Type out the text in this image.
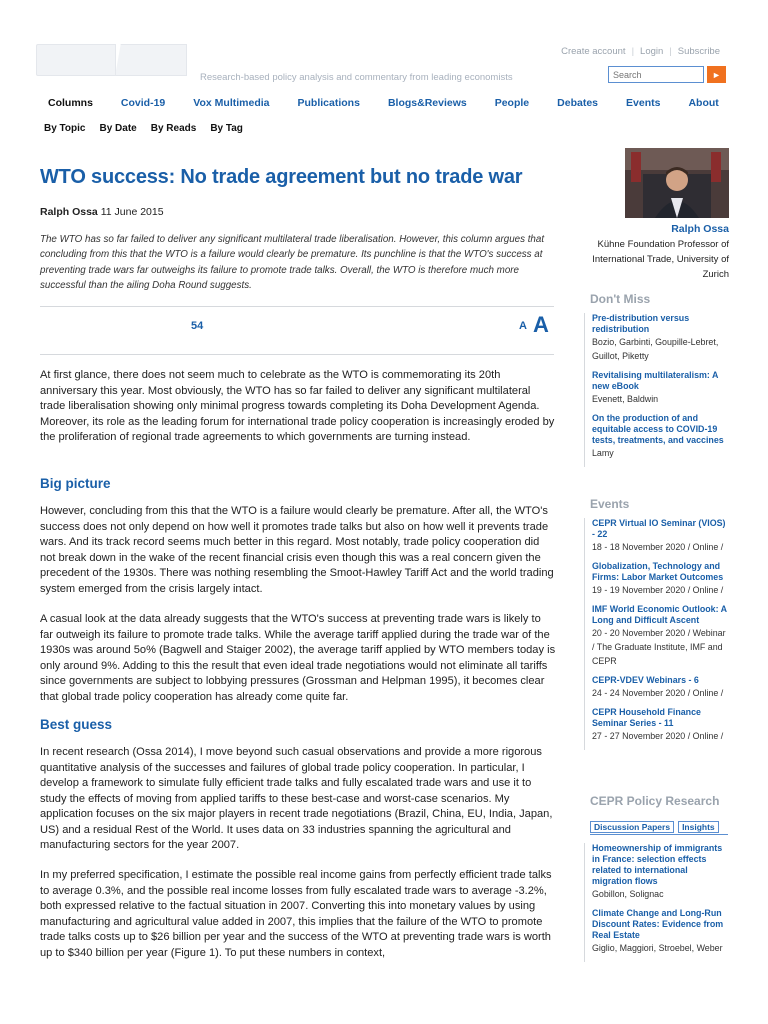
Research-based policy analysis and commentary from leading economists
Create account | Login | Subscribe
Search
►
Columns	Covid-19	Vox Multimedia	Publications	Blogs&Reviews	People	Debates	Events	About
By Topic By Date By Reads By Tag
WTO success: No trade agreement but no trade war
Ralph Ossa 11 June 2015

The WTO has so far failed to deliver any significant multilateral trade liberalisation. However, this column argues that concluding from this that the WTO is a failure would clearly be premature. Its punchline is that the WTO's success at preventing trade wars far outweighs its failure to promote trade talks. Overall, the WTO is therefore much more successful than the ailing Doha Round suggests.

54	A A

At first glance, there does not seem much to celebrate as the WTO is commemorating its 20th anniversary this year. Most obviously, the WTO has so far failed to deliver any significant multilateral trade liberalisation showing only minimal progress towards completing its Doha Development Agenda. Moreover, its role as the leading forum for international trade policy cooperation is increasingly eroded by the proliferation of regional trade agreements to which governments are turning instead.

Big picture

However, concluding from this that the WTO is a failure would clearly be premature. After all, the WTO's success does not only depend on how well it promotes trade talks but also on how well it prevents trade wars. And its track record seems much better in this regard. Most notably, trade policy cooperation did not break down in the wake of the recent financial crisis even though this was a real concern given the precedent of the 1930s. There was nothing resembling the Smoot-Hawley Tariff Act and the world trading system emerged from the crisis largely intact.

A casual look at the data already suggests that the WTO's success at preventing trade wars is likely to far outweigh its failure to promote trade talks. While the average tariff applied during the trade war of the 1930s was around 5o% (Bagwell and Staiger 2002), the average tariff applied by WTO members today is only around 9%. Adding to this the result that even ideal trade negotiations would not eliminate all tariffs since governments are subject to lobbying pressures (Grossman and Helpman 1995), it becomes clear that global trade policy cooperation has already come quite far.

Best guess

In recent research (Ossa 2014), I move beyond such casual observations and provide a more rigorous quantitative analysis of the successes and failures of global trade policy cooperation. In particular, I develop a framework to simulate fully efficient trade talks and fully escalated trade wars and use it to study the effects of moving from applied tariffs to these best-case and worst-case scenarios. My application focuses on the six major players in recent trade negotiations (Brazil, China, EU, India, Japan, US) and a residual Rest of the World. It uses data on 33 industries spanning the agricultural and manufacturing sectors for the year 2007.

In my preferred specification, I estimate the possible real income gains from perfectly efficient trade talks to average 0.3%, and the possible real income losses from fully escalated trade wars to average -3.2%, both expressed relative to the factual situation in 2007. Converting this into monetary values by using manufacturing and agricultural value added in 2007, this implies that the failure of the WTO to promote trade talks costs up to $26 billion per year and the success of the WTO at preventing trade wars is worth up to $340 billion per year (Figure 1). To put these numbers in context,

Ralph Ossa
Kühne Foundation Professor of International Trade, University of Zurich
Don't Miss
Pre-distribution versus redistribution
Bozio, Garbinti, Goupille-Lebret, Guillot, Piketty
Revitalising multilateralism: A new eBook
Evenett, Baldwin
On the production of and equitable access to COVID-19 tests, treatments, and vaccines
Lamy
Events
CEPR Virtual IO Seminar (VIOS) - 22
18 - 18 November 2020 / Online /
Globalization, Technology and Firms: Labor Market Outcomes
19 - 19 November 2020 / Online /
IMF World Economic Outlook: A Long and Difficult Ascent
20 - 20 November 2020 / Webinar / The Graduate Institute, IMF and CEPR
CEPR-VDEV Webinars - 6
24 - 24 November 2020 / Online /
CEPR Household Finance Seminar Series - 11
27 - 27 November 2020 / Online /
CEPR Policy Research
Discussion Papers	Insights
Homeownership of immigrants in France: selection effects related to international migration flows
Gobillon, Solignac
Climate Change and Long-Run Discount Rates: Evidence from Real Estate
Giglio, Maggiori, Stroebel, Weber
